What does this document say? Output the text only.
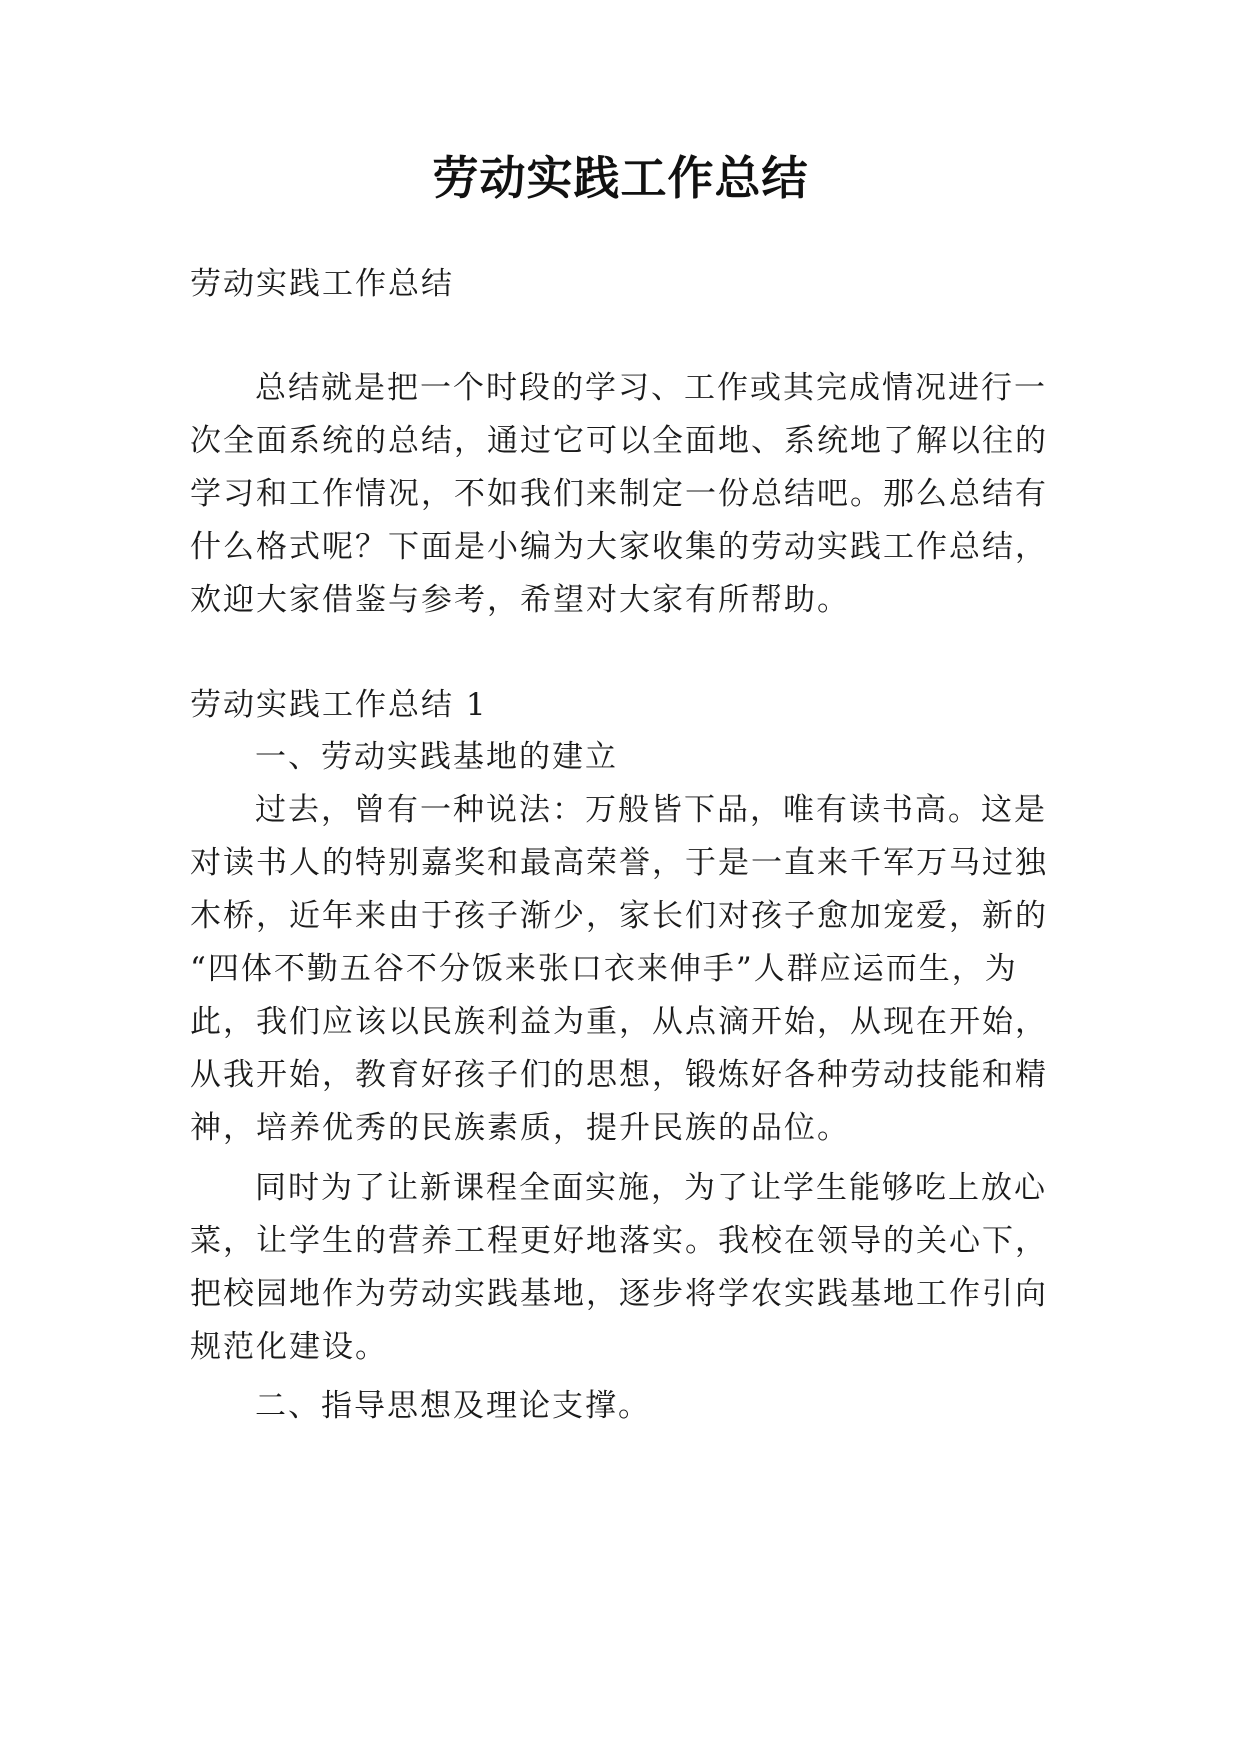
劳动实践工作总结
劳动实践工作总结
总结就是把一个时段的学习、工作或其完成情况进行一
次全面系统的总结，通过它可以全面地、系统地了解以往的
学习和工作情况，不如我们来制定一份总结吧。那么总结有
什么格式呢？下面是小编为大家收集的劳动实践工作总结，
欢迎大家借鉴与参考，希望对大家有所帮助。
劳动实践工作总结 1
一、劳动实践基地的建立
过去，曾有一种说法：万般皆下品，唯有读书高。这是
对读书人的特别嘉奖和最高荣誉，于是一直来千军万马过独
木桥，近年来由于孩子渐少，家长们对孩子愈加宠爱，新的
“四体不勤五谷不分饭来张口衣来伸手”人群应运而生，为
此，我们应该以民族利益为重，从点滴开始，从现在开始，
从我开始，教育好孩子们的思想，锻炼好各种劳动技能和精
神，培养优秀的民族素质，提升民族的品位。
同时为了让新课程全面实施，为了让学生能够吃上放心
菜，让学生的营养工程更好地落实。我校在领导的关心下，
把校园地作为劳动实践基地，逐步将学农实践基地工作引向
规范化建设。
二、指导思想及理论支撑。
